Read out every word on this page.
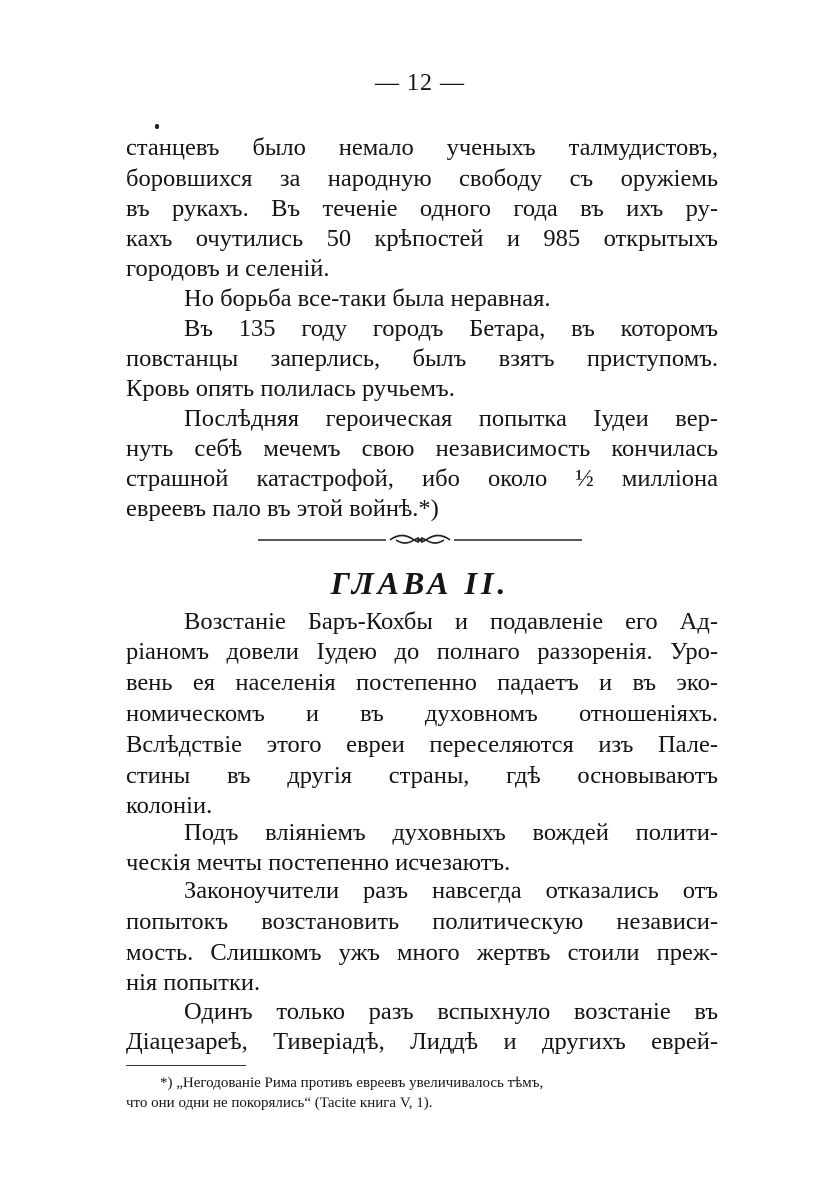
— 12 —
станцевъ было немало ученыхъ талмудистовъ,
боровшихся за народную свободу съ оружіемь
въ рукахъ. Въ теченіе одного года въ ихъ ру-
кахъ очутились 50 крѣпостей и 985 открытыхъ
городовъ и селеній.
Но борьба все-таки была неравная.
Въ 135 году городъ Бетара, въ которомъ
повстанцы заперлись, былъ взятъ приступомъ.
Кровь опять полилась ручьемъ.
Послѣдняя героическая попытка Іудеи вер-
нуть себѣ мечемъ свою независимость кончилась
страшной катастрофой, ибо около ½ милліона
евреевъ пало въ этой войнѣ.*)
ГЛАВА II.
Возстаніе Баръ-Кохбы и подавленіе его Ад-
ріаномъ довели Іудею до полнаго раззоренія. Уро-
вень ея населенія постепенно падаетъ и въ эко-
номическомъ и въ духовномъ отношеніяхъ.
Вслѣдствіе этого евреи переселяются изъ Пале-
стины въ другія страны, гдѣ основываютъ
колоніи.
Подъ вліяніемъ духовныхъ вождей полити-
ческія мечты постепенно исчезаютъ.
Законоучители разъ навсегда отказались отъ
попытокъ возстановить политическую независи-
мость. Слишкомъ ужъ много жертвъ стоили преж-
нія попытки.
Одинъ только разъ вспыхнуло возстаніе въ
Діацезареѣ, Тиверіадѣ, Лиддѣ и другихъ еврей-
*) „Негодованіе Рима противъ евреевъ увеличивалось тѣмъ,
что они одни не покорялись“ (Tacite книга V, 1).
